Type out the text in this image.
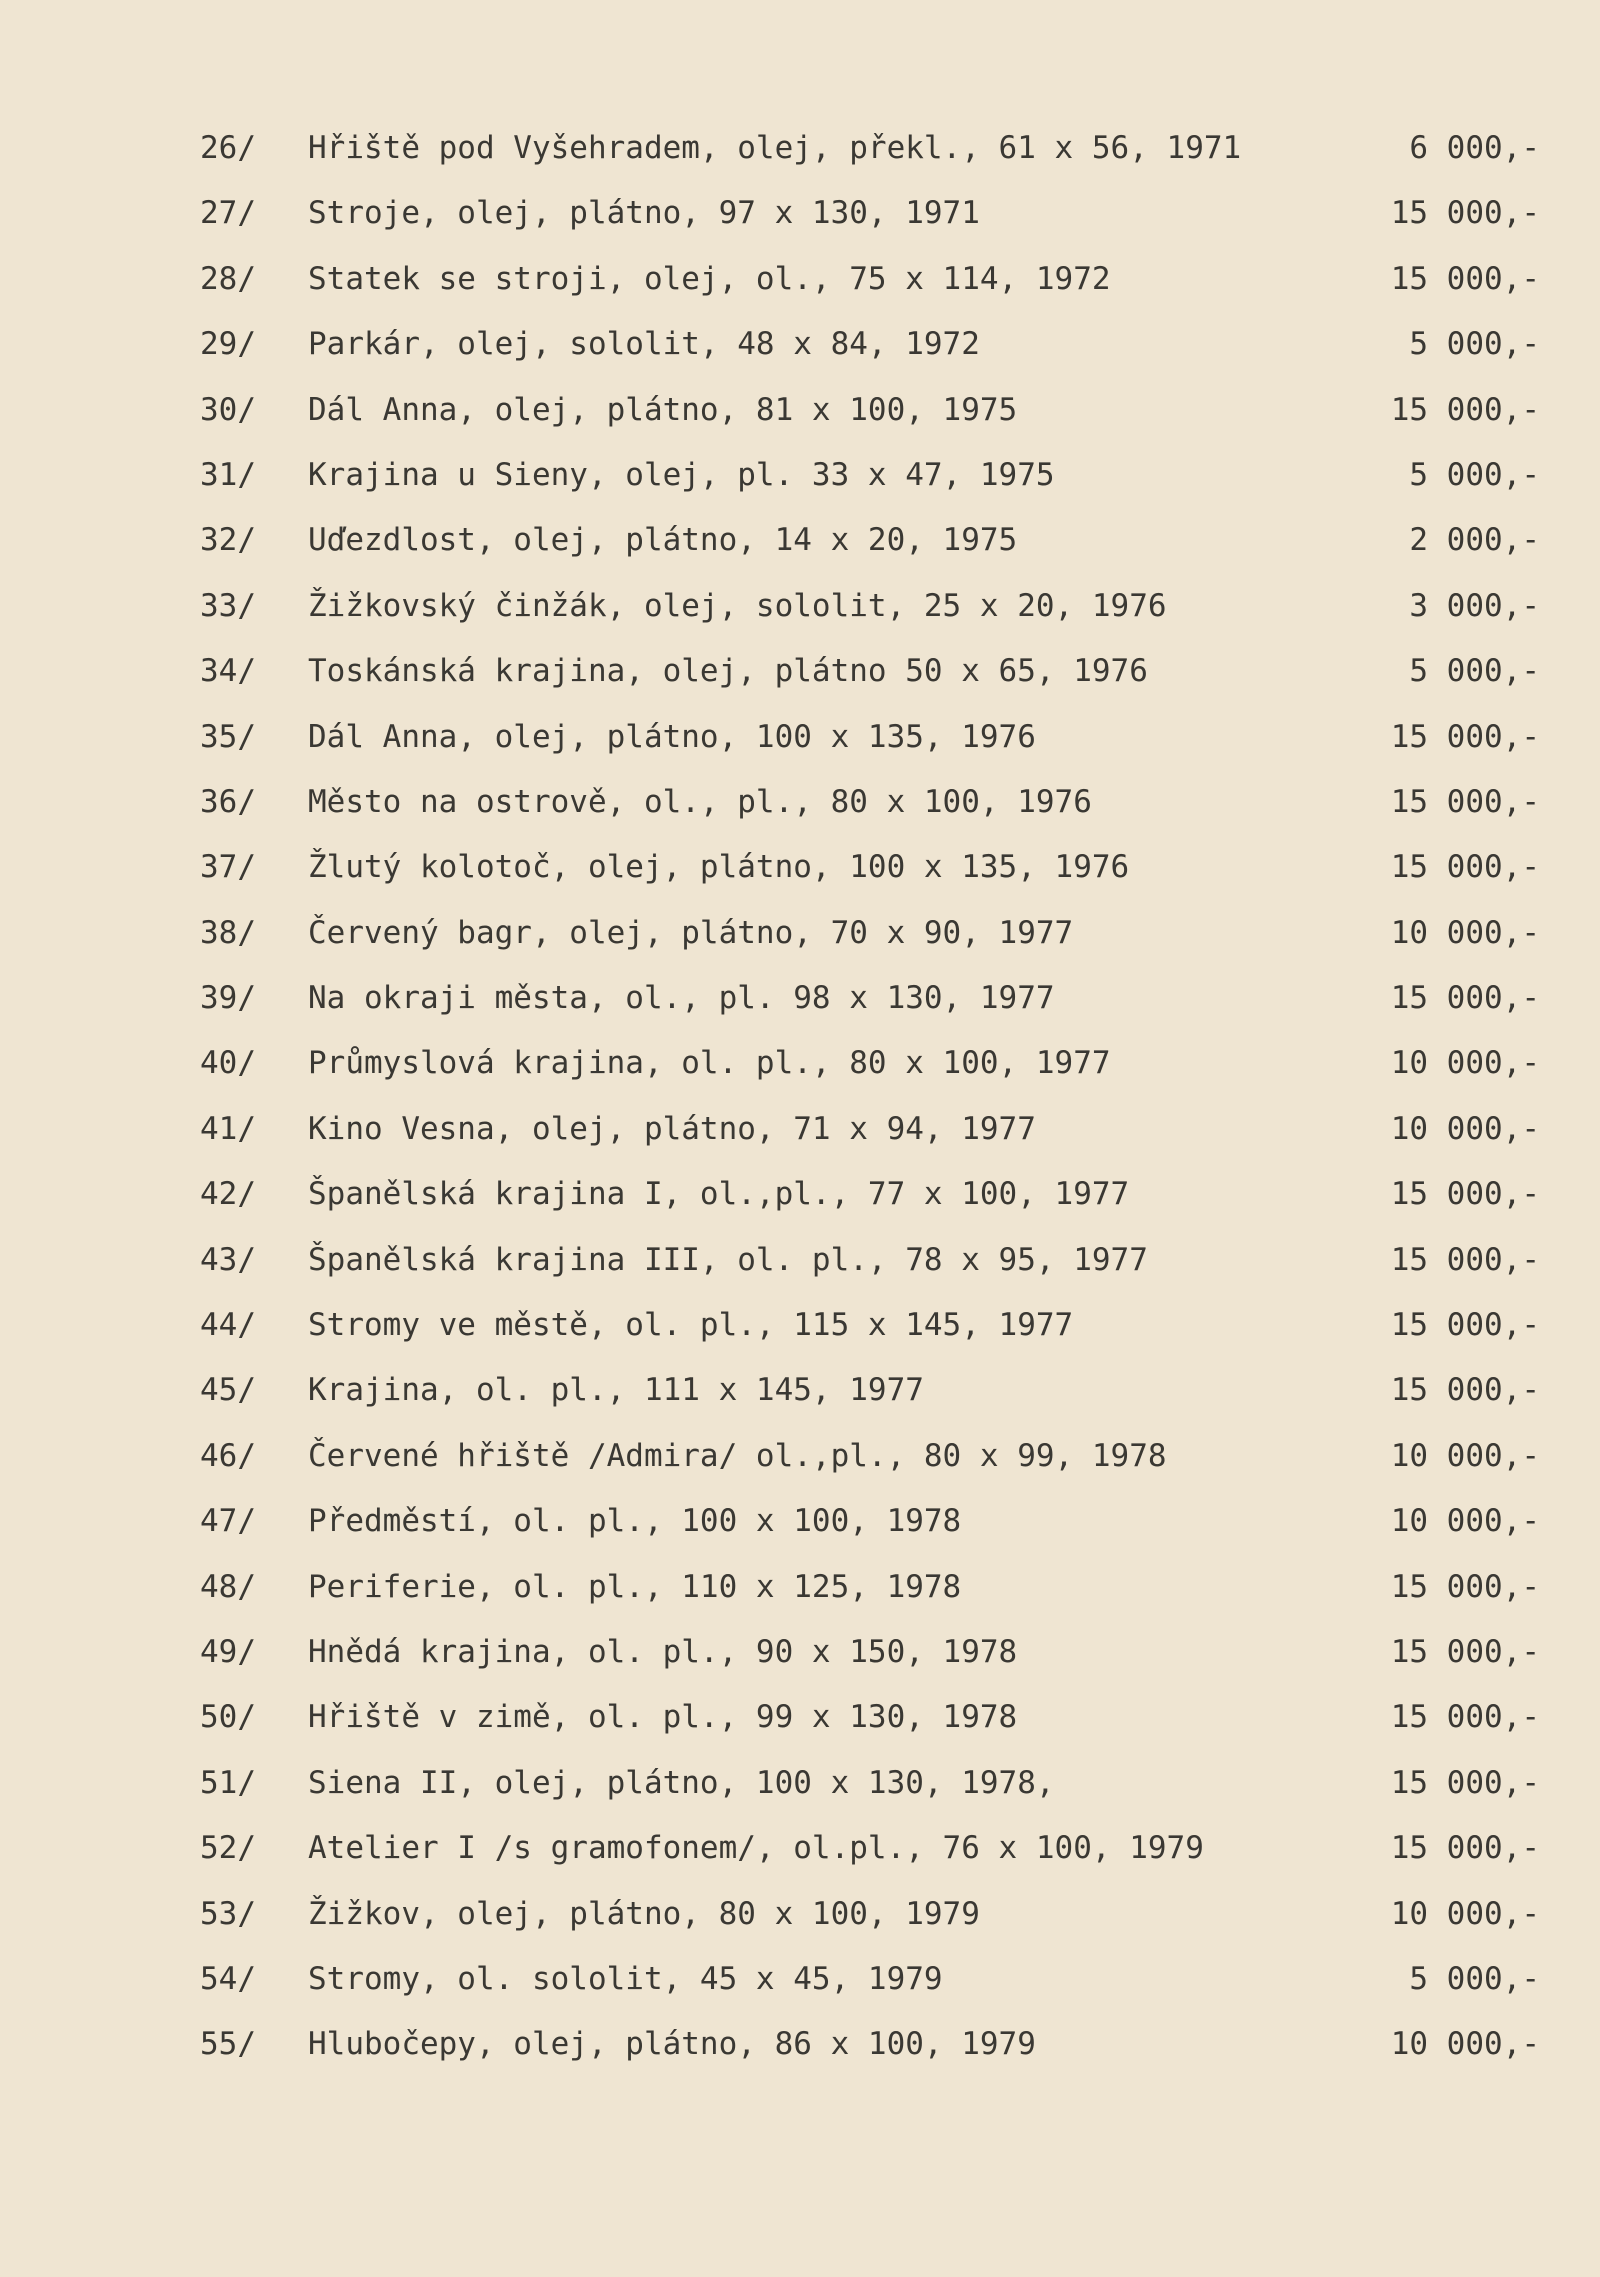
26/	Hřiště pod Vyšehradem, olej, překl., 61 x 56, 1971	6 000,-
27/	Stroje, olej, plátno, 97 x 130, 1971	15 000,-
28/	Statek se stroji, olej, ol., 75 x 114, 1972	15 000,-
29/	Parkár, olej, sololit, 48 x 84, 1972	5 000,-
30/	Dál Anna, olej, plátno, 81 x 100, 1975	15 000,-
31/	Krajina u Sieny, olej, pl. 33 x 47, 1975	5 000,-
32/	Uďezdlost, olej, plátno, 14 x 20, 1975	2 000,-
33/	Žižkovský činžák, olej, sololit, 25 x 20, 1976	3 000,-
34/	Toskánská krajina, olej, plátno 50 x 65, 1976	5 000,-
35/	Dál Anna, olej, plátno, 100 x 135, 1976	15 000,-
36/	Město na ostrově, ol., pl., 80 x 100, 1976	15 000,-
37/	Žlutý kolotoč, olej, plátno, 100 x 135, 1976	15 000,-
38/	Červený bagr, olej, plátno, 70 x 90, 1977	10 000,-
39/	Na okraji města, ol., pl. 98 x 130, 1977	15 000,-
40/	Průmyslová krajina, ol. pl., 80 x 100, 1977	10 000,-
41/	Kino Vesna, olej, plátno, 71 x 94, 1977	10 000,-
42/	Španělská krajina I, ol.,pl., 77 x 100, 1977	15 000,-
43/	Španělská krajina III, ol. pl., 78 x 95, 1977	15 000,-
44/	Stromy ve městě, ol. pl., 115 x 145, 1977	15 000,-
45/	Krajina, ol. pl., 111 x 145, 1977	15 000,-
46/	Červené hřiště /Admira/ ol.,pl., 80 x 99, 1978	10 000,-
47/	Předměstí, ol. pl., 100 x 100, 1978	10 000,-
48/	Periferie, ol. pl., 110 x 125, 1978	15 000,-
49/	Hnědá krajina, ol. pl., 90 x 150, 1978	15 000,-
50/	Hřiště v zimě, ol. pl., 99 x 130, 1978	15 000,-
51/	Siena II, olej, plátno, 100 x 130, 1978,	15 000,-
52/	Atelier I /s gramofonem/, ol.pl., 76 x 100, 1979	15 000,-
53/	Žižkov, olej, plátno, 80 x 100, 1979	10 000,-
54/	Stromy, ol. sololit, 45 x 45, 1979	5 000,-
55/	Hlubočepy, olej, plátno, 86 x 100, 1979	10 000,-
